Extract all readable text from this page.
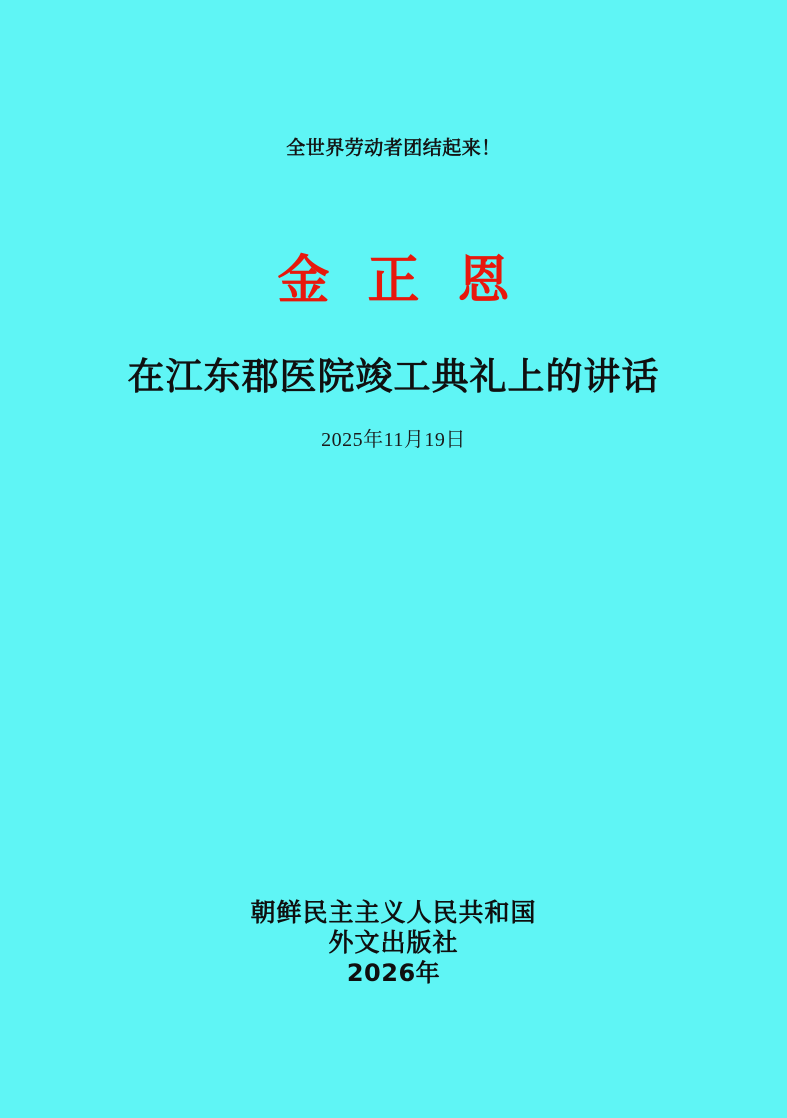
全世界劳动者团结起来！
金正恩
在江东郡医院竣工典礼上的讲话
2025年11月19日
朝鲜民主主义人民共和国
外文出版社
2026年
